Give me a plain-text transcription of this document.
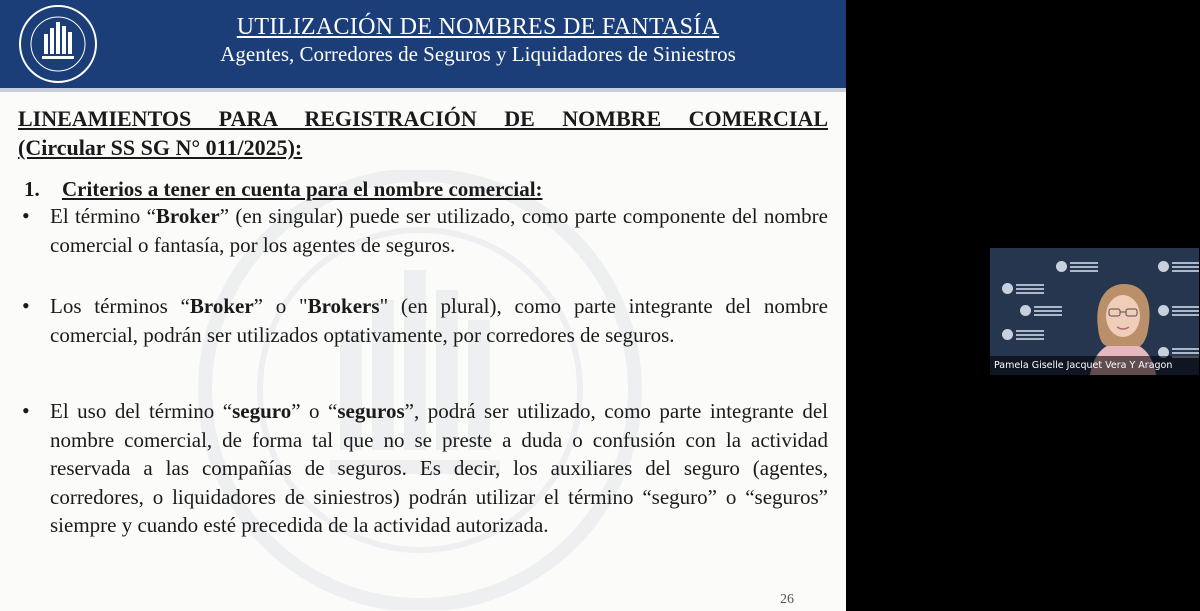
UTILIZACIÓN DE NOMBRES DE FANTASÍA
Agentes, Corredores de Seguros y Liquidadores de Siniestros
LINEAMIENTOS PARA REGISTRACIÓN DE NOMBRE COMERCIAL
(Circular SS SG N° 011/2025):
1. Criterios a tener en cuenta para el nombre comercial:
• El término “Broker” (en singular) puede ser utilizado, como parte componente del nombre comercial o fantasía, por los agentes de seguros.
• Los términos “Broker” o "Brokers" (en plural), como parte integrante del nombre comercial, podrán ser utilizados optativamente, por corredores de seguros.
• El uso del término “seguro” o “seguros”, podrá ser utilizado, como parte integrante del nombre comercial, de forma tal que no se preste a duda o confusión con la actividad reservada a las compañías de seguros. Es decir, los auxiliares del seguro (agentes, corredores, o liquidadores de siniestros) podrán utilizar el término “seguro” o “seguros” siempre y cuando esté precedida de la actividad autorizada.
26
Pamela Giselle Jacquet Vera Y Aragon
